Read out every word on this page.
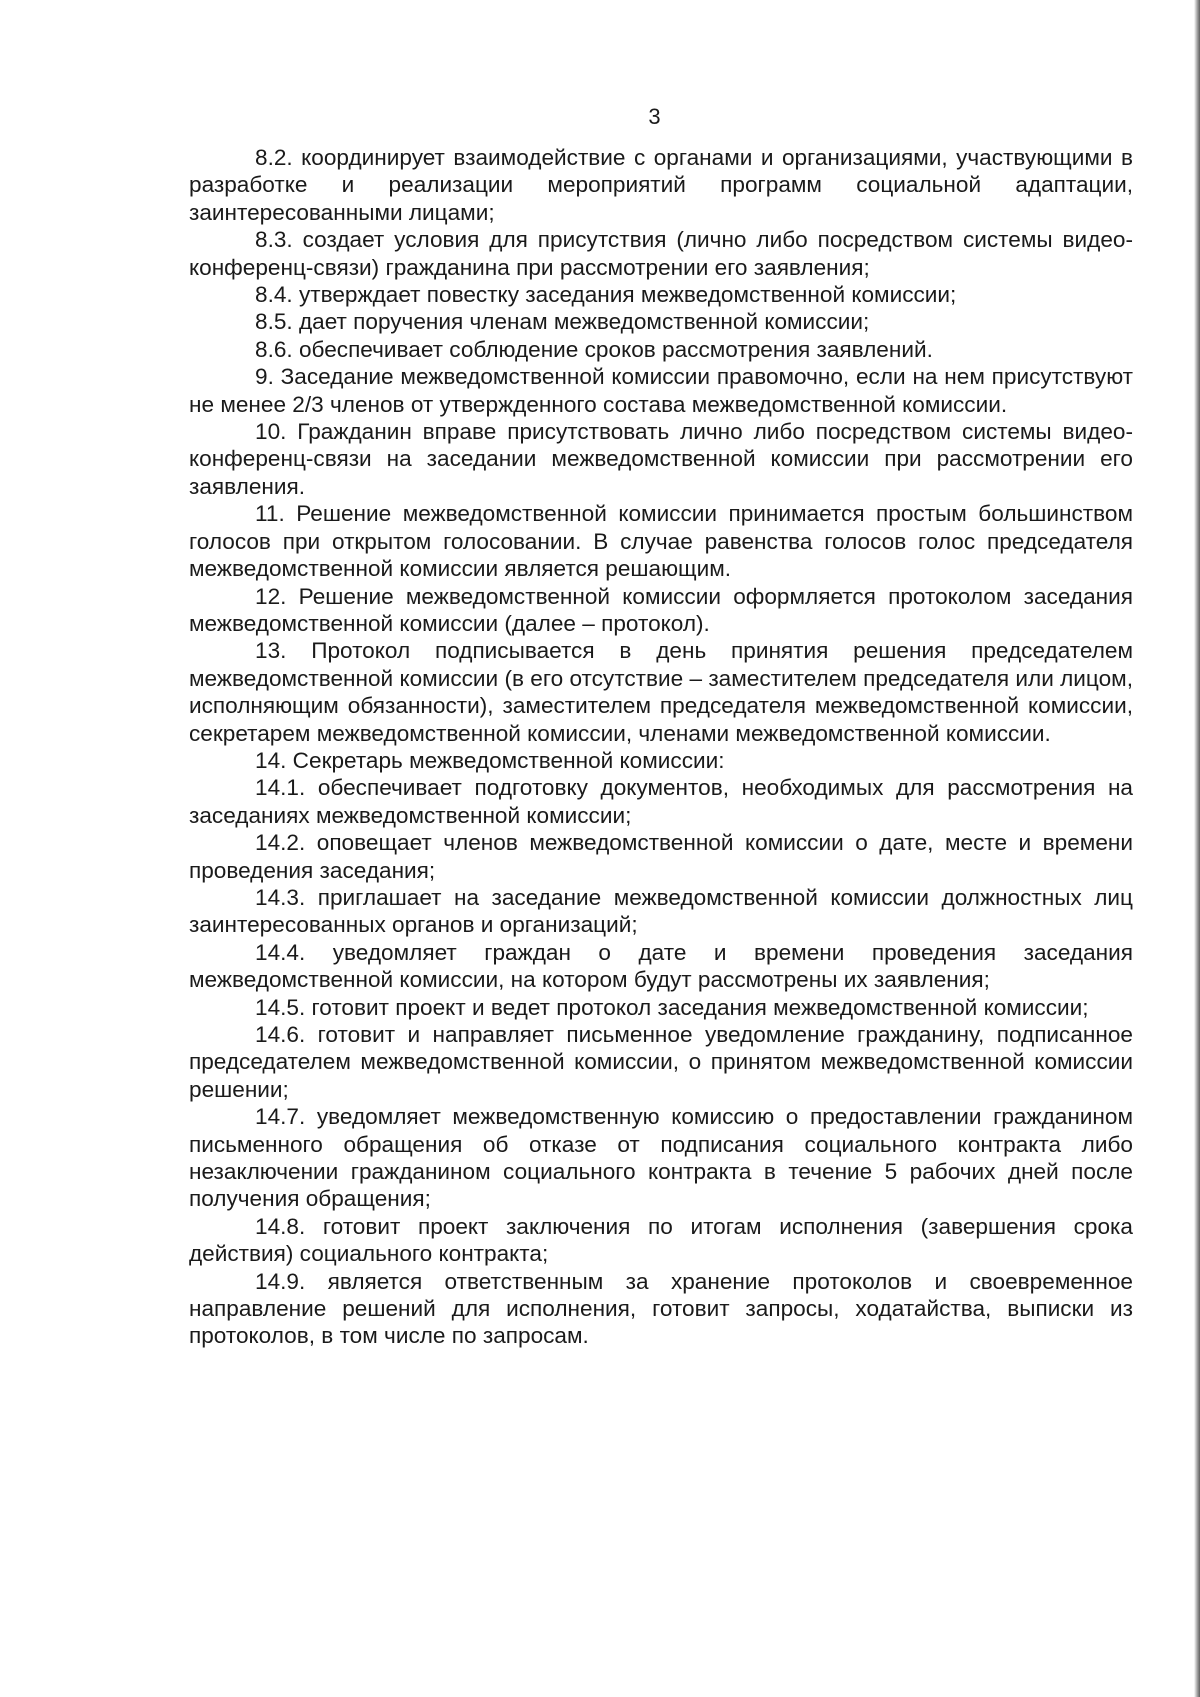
3

8.2. координирует взаимодействие с органами и организациями, участвующими в разработке и реализации мероприятий программ социальной адаптации, заинтересованными лицами;

8.3. создает условия для присутствия (лично либо посредством системы видео-конференц-связи) гражданина при рассмотрении его заявления;

8.4. утверждает повестку заседания межведомственной комиссии;

8.5. дает поручения членам межведомственной комиссии;

8.6. обеспечивает соблюдение сроков рассмотрения заявлений.

9. Заседание межведомственной комиссии правомочно, если на нем присутствуют не менее 2/3 членов от утвержденного состава межведомственной комиссии.

10. Гражданин вправе присутствовать лично либо посредством системы видео-конференц-связи на заседании межведомственной комиссии при рассмотрении его заявления.

11. Решение межведомственной комиссии принимается простым большинством голосов при открытом голосовании. В случае равенства голосов голос председателя межведомственной комиссии является решающим.

12. Решение межведомственной комиссии оформляется протоколом заседания межведомственной комиссии (далее – протокол).

13. Протокол подписывается в день принятия решения председателем межведомственной комиссии (в его отсутствие – заместителем председателя или лицом, исполняющим обязанности), заместителем председателя межведомственной комиссии, секретарем межведомственной комиссии, членами межведомственной комиссии.

14. Секретарь межведомственной комиссии:

14.1. обеспечивает подготовку документов, необходимых для рассмотрения на заседаниях межведомственной комиссии;

14.2. оповещает членов межведомственной комиссии о дате, месте и времени проведения заседания;

14.3. приглашает на заседание межведомственной комиссии должностных лиц заинтересованных органов и организаций;

14.4. уведомляет граждан о дате и времени проведения заседания межведомственной комиссии, на котором будут рассмотрены их заявления;

14.5. готовит проект и ведет протокол заседания межведомственной комиссии;

14.6. готовит и направляет письменное уведомление гражданину, подписанное председателем межведомственной комиссии, о принятом межведомственной комиссии решении;

14.7. уведомляет межведомственную комиссию о предоставлении гражданином письменного обращения об отказе от подписания социального контракта либо незаключении гражданином социального контракта в течение 5 рабочих дней после получения обращения;

14.8. готовит проект заключения по итогам исполнения (завершения срока действия) социального контракта;

14.9. является ответственным за хранение протоколов и своевременное направление решений для исполнения, готовит запросы, ходатайства, выписки из протоколов, в том числе по запросам.
